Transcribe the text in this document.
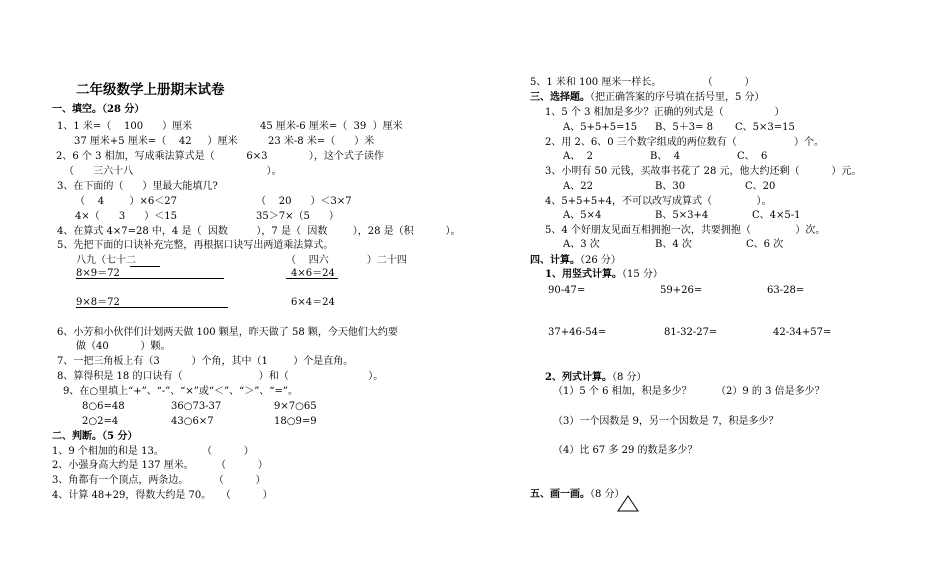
二年级数学上册期末试卷
一、填空。（28 分）
1、1 米=（    100      ）厘米	45 厘米-6 厘米=（  39  ）厘米
37 厘米+5 厘米=（    42     ）厘米	23 米-8 米=（      ）米
2、6 个 3 相加，写成乘法算式是（          6×3             ），这个式子读作
（      三六十八                                          ）。
3、在下面的（      ）里最大能填几?
（    4        ）×6＜27	（    20      ）＜3×7
4×（      3      ）＜15	35＞7×（5      ）
4、在算式 4×7=28 中，4 是（  因数         ），7 是（  因数        ），28 是（积          ）。
5、先把下面的口诀补充完整，再根据口诀写出两道乘法算式。
八九（七十二	（    四六            ）二十四
8×9＝72	4×6＝24
9×8＝72	6×4＝24
6、小芳和小伙伴们计划两天做 100 颗星，昨天做了 58 颗，今天他们大约要
做（40          ）颗。
7、一把三角板上有（3          ）个角，其中（1        ）个是直角。
8、算得积是 18 的口诀有（                        ）和（                         ）。
9、在○里填上“+”、“-”、“×”或“＜”、“＞”、“=”。
8○6=48	36○73-37	9×7○65
2○2=4	43○6×7	18○9=9
二、判断。（5 分）
1、9 个相加的和是 13。            （          ）
2、小强身高大约是 137 厘米。       （          ）
3、角都有一个顶点，两条边。        （          ）
4、计算 48+29，得数大约是 70。   （          ）
5、1 米和 100 厘米一样长。             （          ）
三、选择题。（把正确答案的序号填在括号里，5 分）
1、5 个 3 相加是多少？正确的列式是（                ）
A、5+5+5=15 B、5＋3= 8 C、5×3=15
2、用 2、6、0 三个数字组成的两位数有（                  ）个。
A、  2	B、  4	C、  6
3、小明有 50 元钱，买故事书花了 28 元，他大约还剩（          ）元。
A、22	B、30	C、20
4、5+5+5+4，不可以改写成算式（              ）。
A、5×4	B、5×3+4	C、4×5-1
5、4 个好朋友见面互相拥抱一次，共要拥抱（              ）次。
A、3 次	B、4 次	C、6 次
四、计算。（26 分）
1、用竖式计算。（15 分）
90-47=	59+26=	63-28=
37+46-54=	81-32-27=	42-34+57=
2、列式计算。（8 分）
（1）5 个 6 相加，积是多少？ （2）9 的 3 倍是多少？
（3）一个因数是 9，另一个因数是 7，积是多少？
（4）比 67 多 29 的数是多少？
五、画一画。（8 分）
